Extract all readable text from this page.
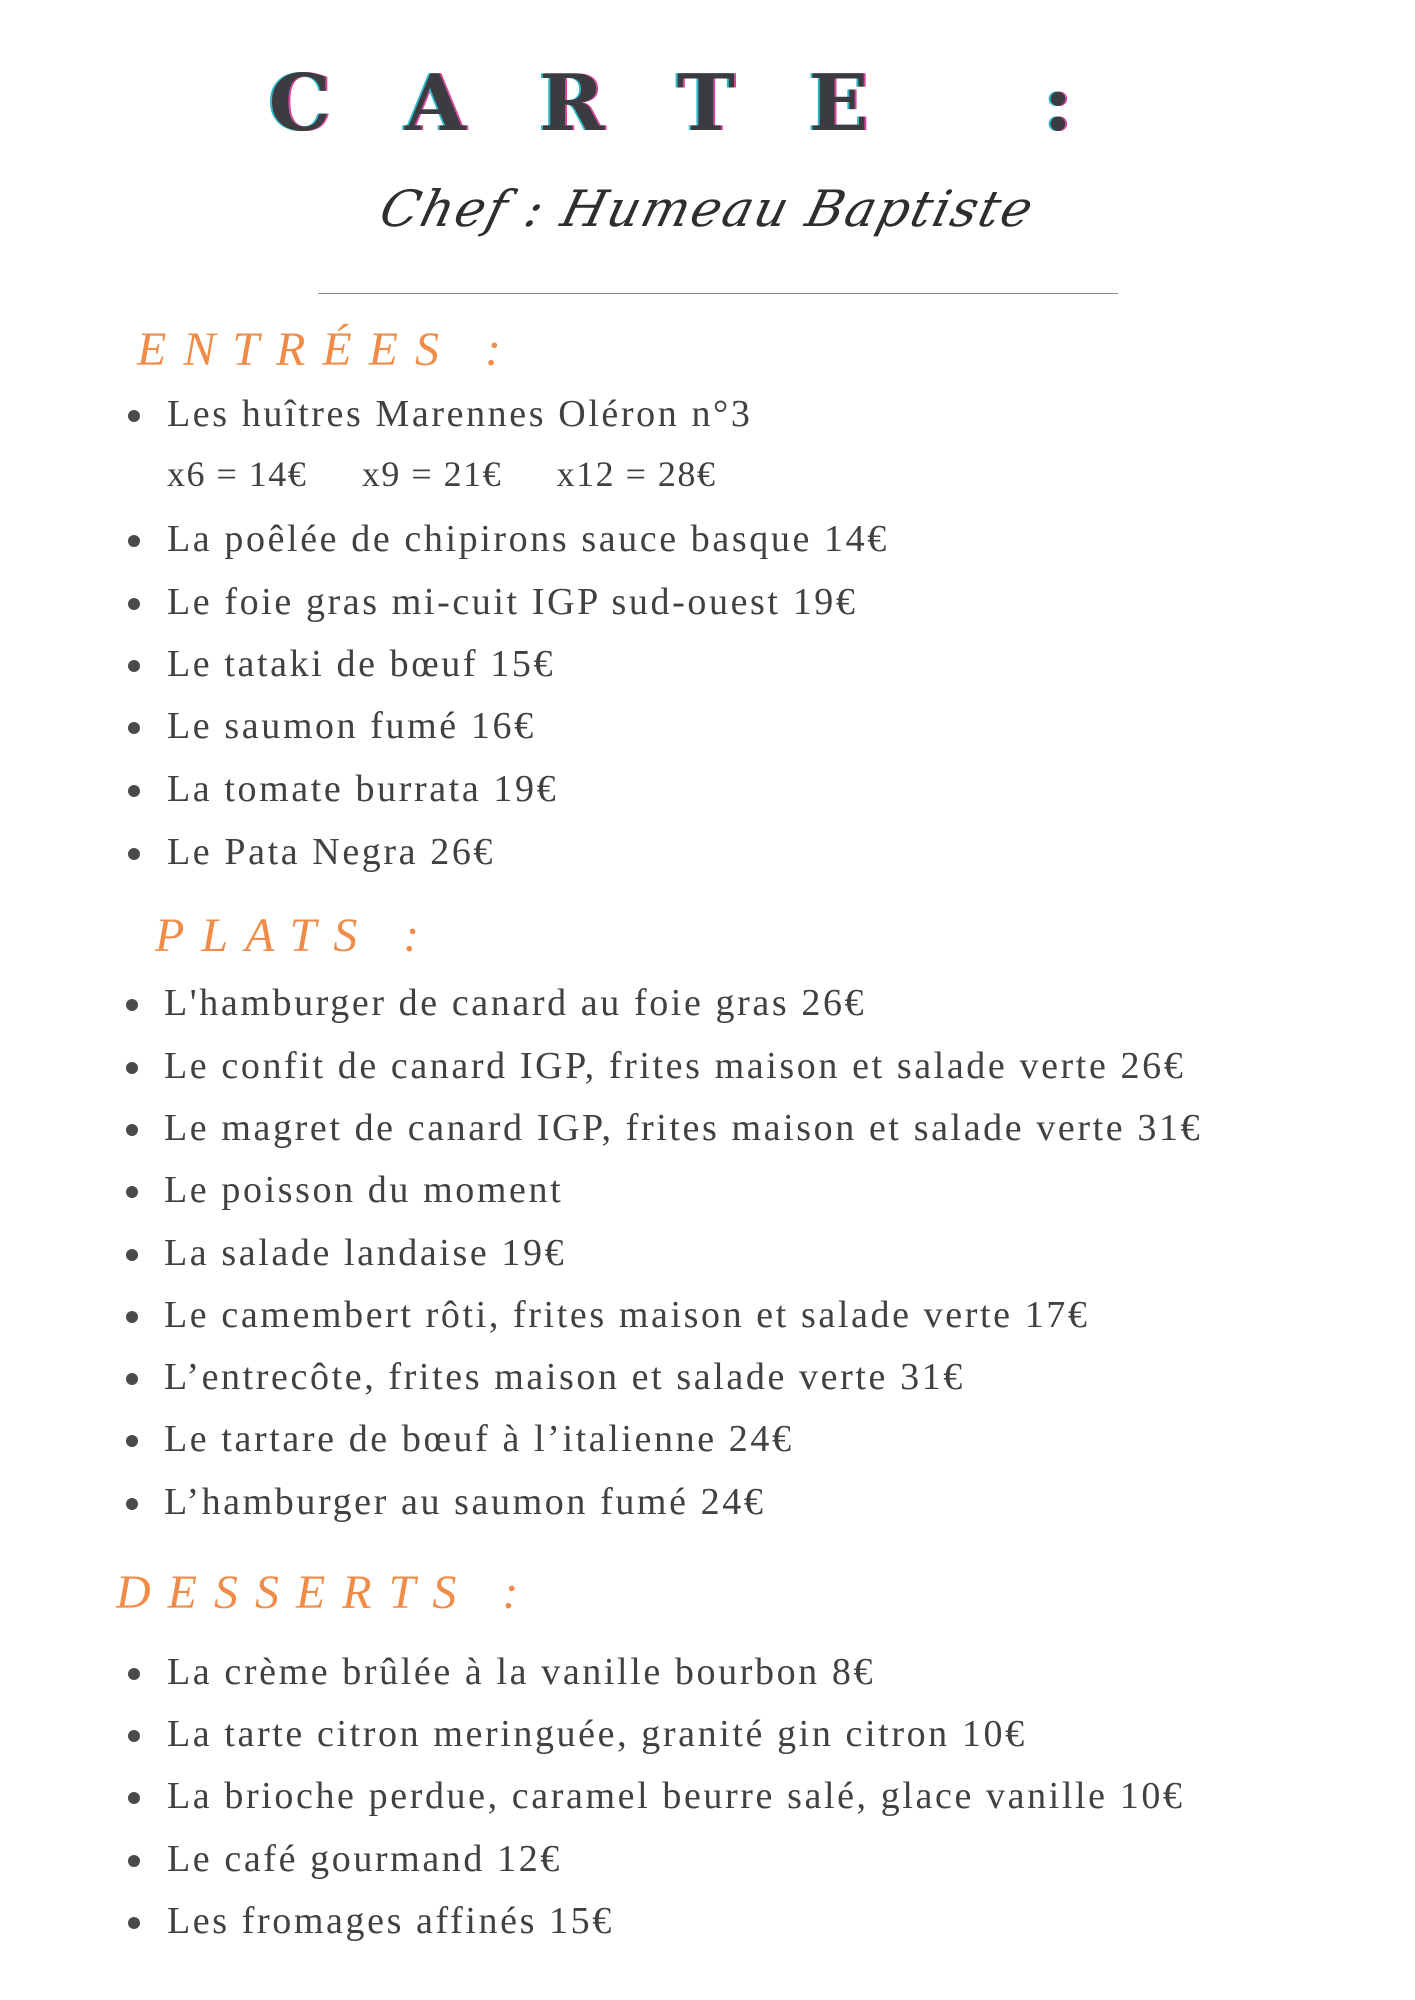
CARTE :
Chef : Humeau Baptiste
ENTRÉES :
Les huîtres Marennes Oléron n°3
x6 = 14€ x9 = 21€ x12 = 28€
La poêlée de chipirons sauce basque 14€
Le foie gras mi-cuit IGP sud-ouest 19€
Le tataki de bœuf 15€
Le saumon fumé 16€
La tomate burrata 19€
Le Pata Negra 26€
PLATS :
L'hamburger de canard au foie gras 26€
Le confit de canard IGP, frites maison et salade verte 26€
Le magret de canard IGP, frites maison et salade verte 31€
Le poisson du moment
La salade landaise 19€
Le camembert rôti, frites maison et salade verte 17€
L’entrecôte, frites maison et salade verte 31€
Le tartare de bœuf à l’italienne 24€
L’hamburger au saumon fumé 24€
DESSERTS :
La crème brûlée à la vanille bourbon 8€
La tarte citron meringuée, granité gin citron 10€
La brioche perdue, caramel beurre salé, glace vanille 10€
Le café gourmand 12€
Les fromages affinés 15€
